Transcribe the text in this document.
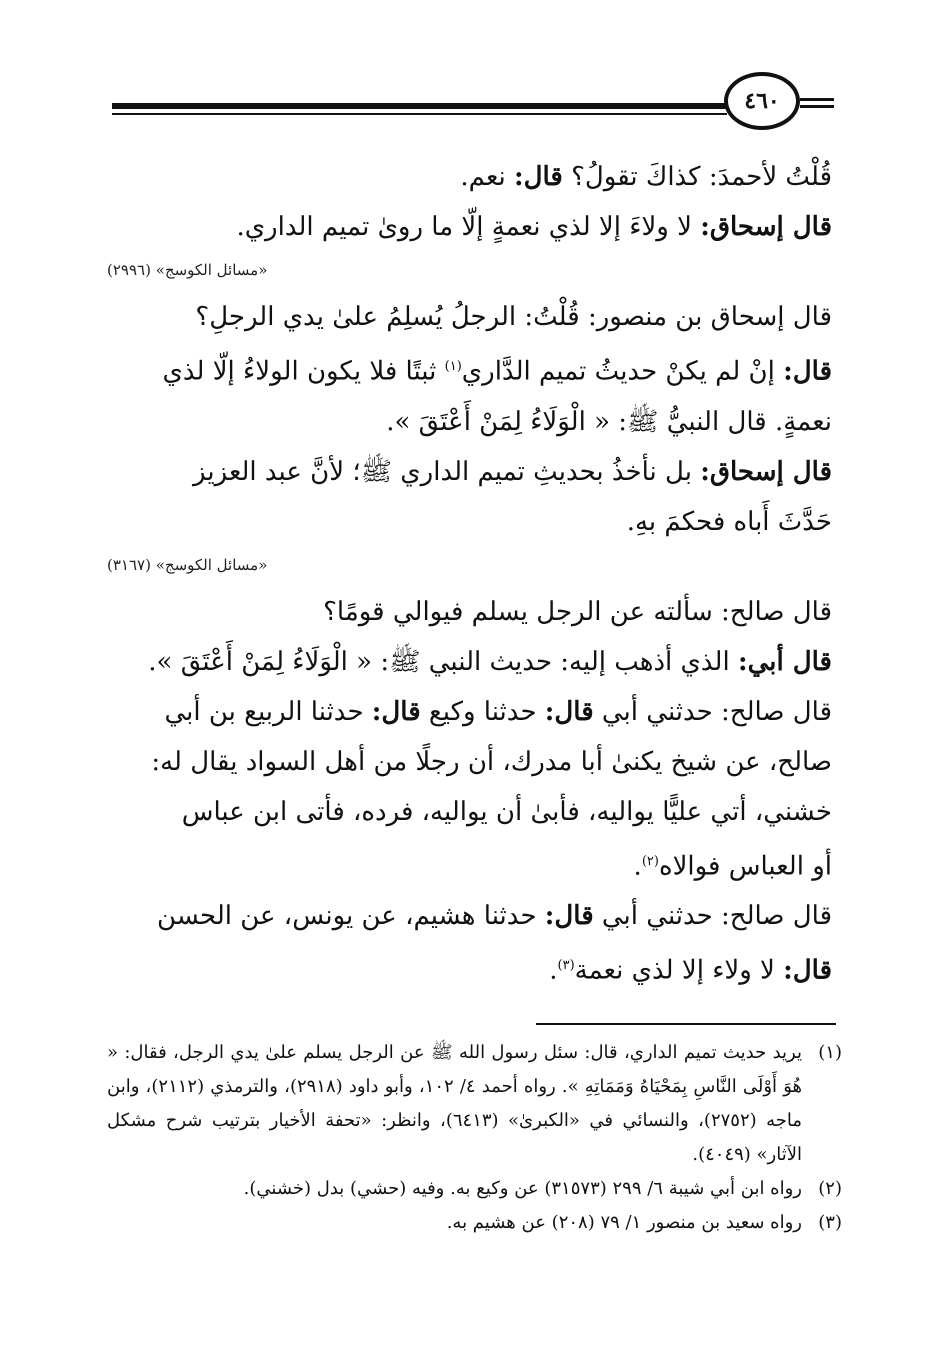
٤٦٠
قُلْتُ لأحمدَ: كذاكَ تقولُ؟ قال: نعم.
قال إسحاق: لا ولاءَ إلا لذي نعمةٍ إلّا ما روىٰ تميم الداري.
«مسائل الكوسج» (٢٩٩٦)
قال إسحاق بن منصور: قُلْتُ: الرجلُ يُسلِمُ علىٰ يدي الرجلِ؟
قال: إنْ لم يكنْ حديثُ تميم الدَّاري$^{(١)}$ ثبتًا فلا يكون الولاءُ إلّا لذي
نعمةٍ. قال النبيُّ ﷺ: « الْوَلَاءُ لِمَنْ أَعْتَقَ ».
قال إسحاق: بل نأخذُ بحديثِ تميم الداري ﷺ؛ لأنَّ عبد العزيز
حَدَّثَ أَباه فحكمَ بهِ.
«مسائل الكوسج» (٣١٦٧)
قال صالح: سألته عن الرجل يسلم فيوالي قومًا؟
قال أبي: الذي أذهب إليه: حديث النبي ﷺ: « الْوَلَاءُ لِمَنْ أَعْتَقَ ».
قال صالح: حدثني أبي قال: حدثنا وكيع قال: حدثنا الربيع بن أبي
صالح، عن شيخ يكنىٰ أبا مدرك، أن رجلًا من أهل السواد يقال له:
خشني، أتي عليًّا يواليه، فأبىٰ أن يواليه، فرده، فأتى ابن عباس
أو العباس فوالاه$^{(٢)}$.
قال صالح: حدثني أبي قال: حدثنا هشيم، عن يونس، عن الحسن
قال: لا ولاء إلا لذي نعمة$^{(٣)}$.
(١)
يريد حديث تميم الداري، قال: سئل رسول الله ﷺ عن الرجل يسلم علىٰ يدي الرجل، فقال: « هُوَ أَوْلَى النَّاسِ بِمَحْيَاهُ وَمَمَاتِهِ ». رواه أحمد ٤/ ١٠٢، وأبو داود (٢٩١٨)، والترمذي (٢١١٢)، وابن ماجه (٢٧٥٢)، والنسائي في «الكبرىٰ» (٦٤١٣)، وانظر: «تحفة الأخيار بترتيب شرح مشكل الآثار» (٤٠٤٩).
(٢)
رواه ابن أبي شيبة ٦/ ٢٩٩ (٣١٥٧٣) عن وكيع به. وفيه (حشي) بدل (خشني).
(٣)
رواه سعيد بن منصور ١/ ٧٩ (٢٠٨) عن هشيم به.
